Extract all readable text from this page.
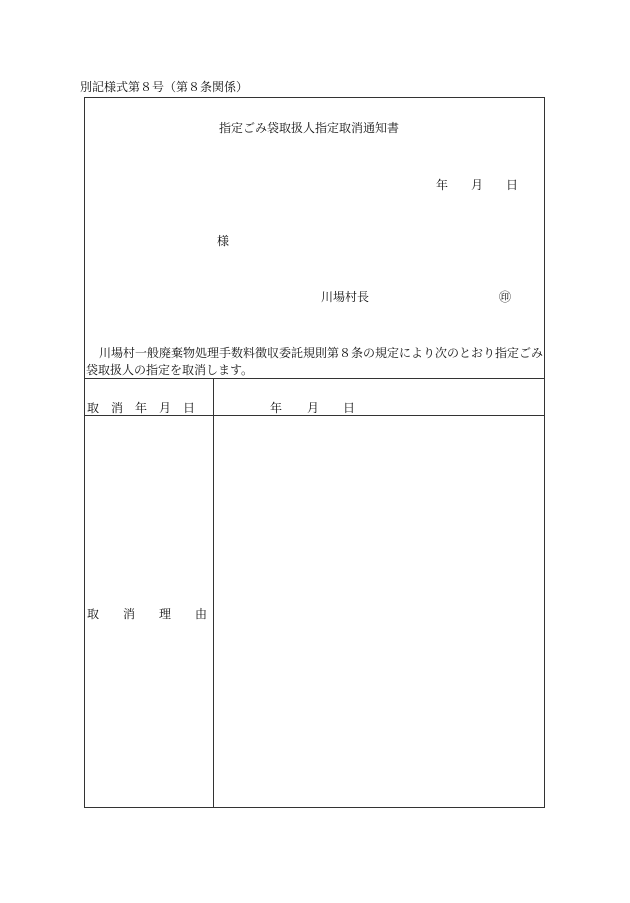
別記様式第８号（第８条関係）
指定ごみ袋取扱人指定取消通知書
年 月 日
様
川場村長	㊞
川場村一般廃棄物処理手数料徴収委託規則第８条の規定により次のとおり指定ごみ
袋取扱人の指定を取消します。
取　消　年　月　日	年 月 日
取　　消　　理　　由
